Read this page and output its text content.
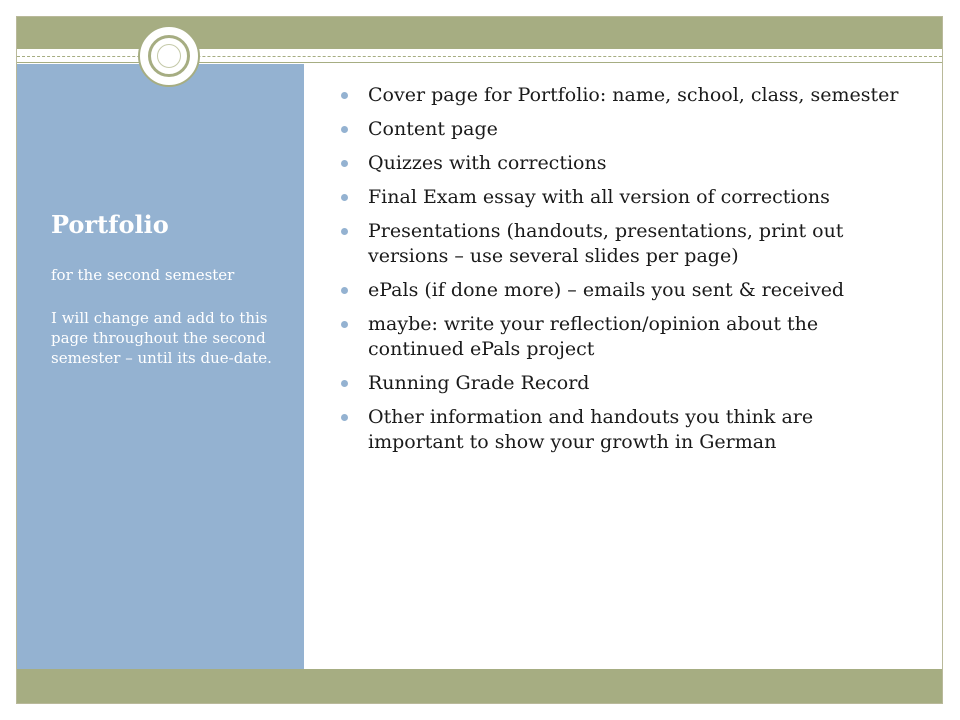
Portfolio

for the second semester

I will change and add to this page throughout the second semester – until its due-date.

Cover page for Portfolio: name, school, class, semester
Content page
Quizzes with corrections
Final Exam essay with all version of corrections
Presentations (handouts, presentations, print out versions – use several slides per page)
ePals (if done more) – emails you sent & received
maybe: write your reflection/opinion about the continued ePals project
Running Grade Record
Other information and handouts you think are important to show your growth in German
